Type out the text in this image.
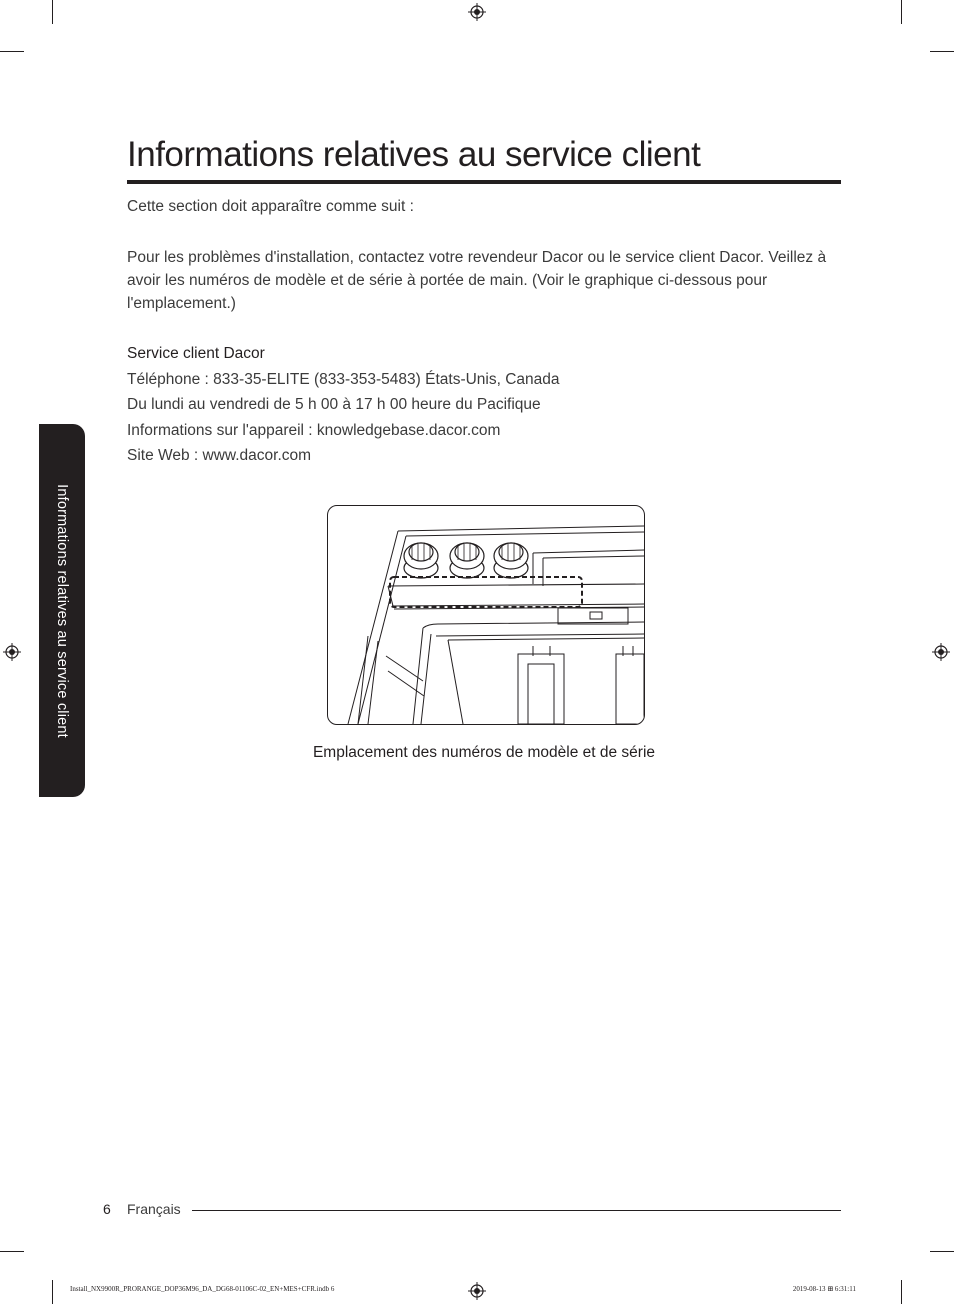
Informations relatives au service client
Cette section doit apparaître comme suit :
Pour les problèmes d'installation, contactez votre revendeur Dacor ou le service client Dacor. Veillez à avoir les numéros de modèle et de série à portée de main. (Voir le graphique ci-dessous pour l'emplacement.)
Service client Dacor
Téléphone : 833-35-ELITE (833-353-5483) États-Unis, Canada
Du lundi au vendredi de 5 h 00 à 17 h 00 heure du Pacifique
Informations sur l'appareil : knowledgebase.dacor.com
Site Web : www.dacor.com
Emplacement des numéros de modèle et de série
Informations relatives au service client
6 Français
Install_NX9900R_PRORANGE_DOP36M96_DA_DG68-01106C-02_EN+MES+CFR.indb 6	2019-08-13 ⊞ 6:31:11
